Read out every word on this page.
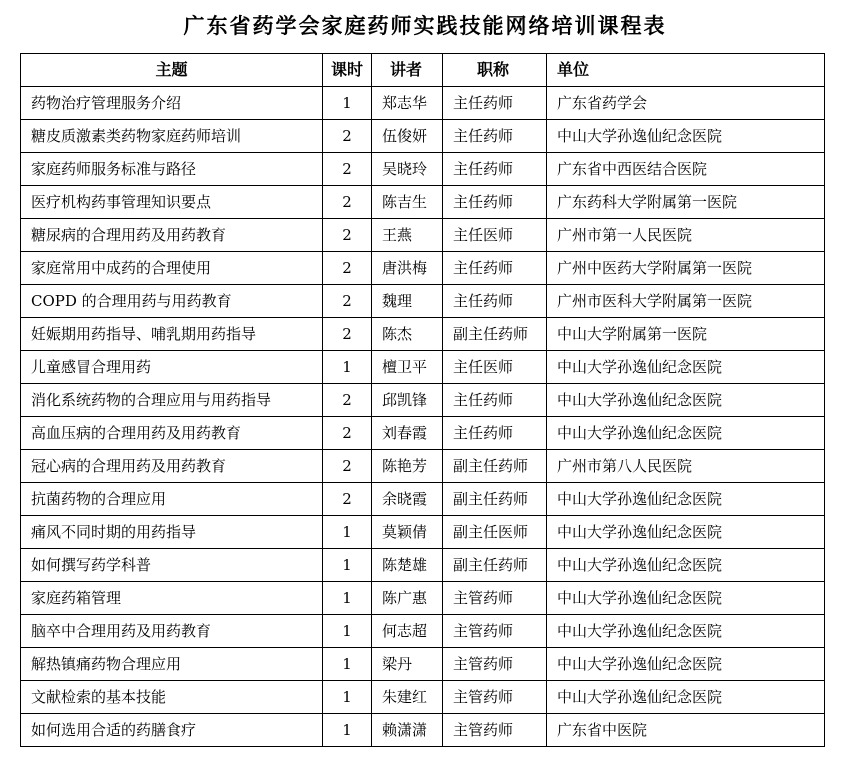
广东省药学会家庭药师实践技能网络培训课程表
主题	课时	讲者	职称	单位
药物治疗管理服务介绍	1	郑志华	主任药师	广东省药学会
糖皮质激素类药物家庭药师培训	2	伍俊妍	主任药师	中山大学孙逸仙纪念医院
家庭药师服务标准与路径	2	吴晓玲	主任药师	广东省中西医结合医院
医疗机构药事管理知识要点	2	陈吉生	主任药师	广东药科大学附属第一医院
糖尿病的合理用药及用药教育	2	王燕	主任医师	广州市第一人民医院
家庭常用中成药的合理使用	2	唐洪梅	主任药师	广州中医药大学附属第一医院
COPD 的合理用药与用药教育	2	魏理	主任药师	广州市医科大学附属第一医院
妊娠期用药指导、哺乳期用药指导	2	陈杰	副主任药师	中山大学附属第一医院
儿童感冒合理用药	1	檀卫平	主任医师	中山大学孙逸仙纪念医院
消化系统药物的合理应用与用药指导	2	邱凯锋	主任药师	中山大学孙逸仙纪念医院
高血压病的合理用药及用药教育	2	刘春霞	主任药师	中山大学孙逸仙纪念医院
冠心病的合理用药及用药教育	2	陈艳芳	副主任药师	广州市第八人民医院
抗菌药物的合理应用	2	余晓霞	副主任药师	中山大学孙逸仙纪念医院
痛风不同时期的用药指导	1	莫颖倩	副主任医师	中山大学孙逸仙纪念医院
如何撰写药学科普	1	陈楚雄	副主任药师	中山大学孙逸仙纪念医院
家庭药箱管理	1	陈广惠	主管药师	中山大学孙逸仙纪念医院
脑卒中合理用药及用药教育	1	何志超	主管药师	中山大学孙逸仙纪念医院
解热镇痛药物合理应用	1	梁丹	主管药师	中山大学孙逸仙纪念医院
文献检索的基本技能	1	朱建红	主管药师	中山大学孙逸仙纪念医院
如何选用合适的药膳食疗	1	赖潇潇	主管药师	广东省中医院
